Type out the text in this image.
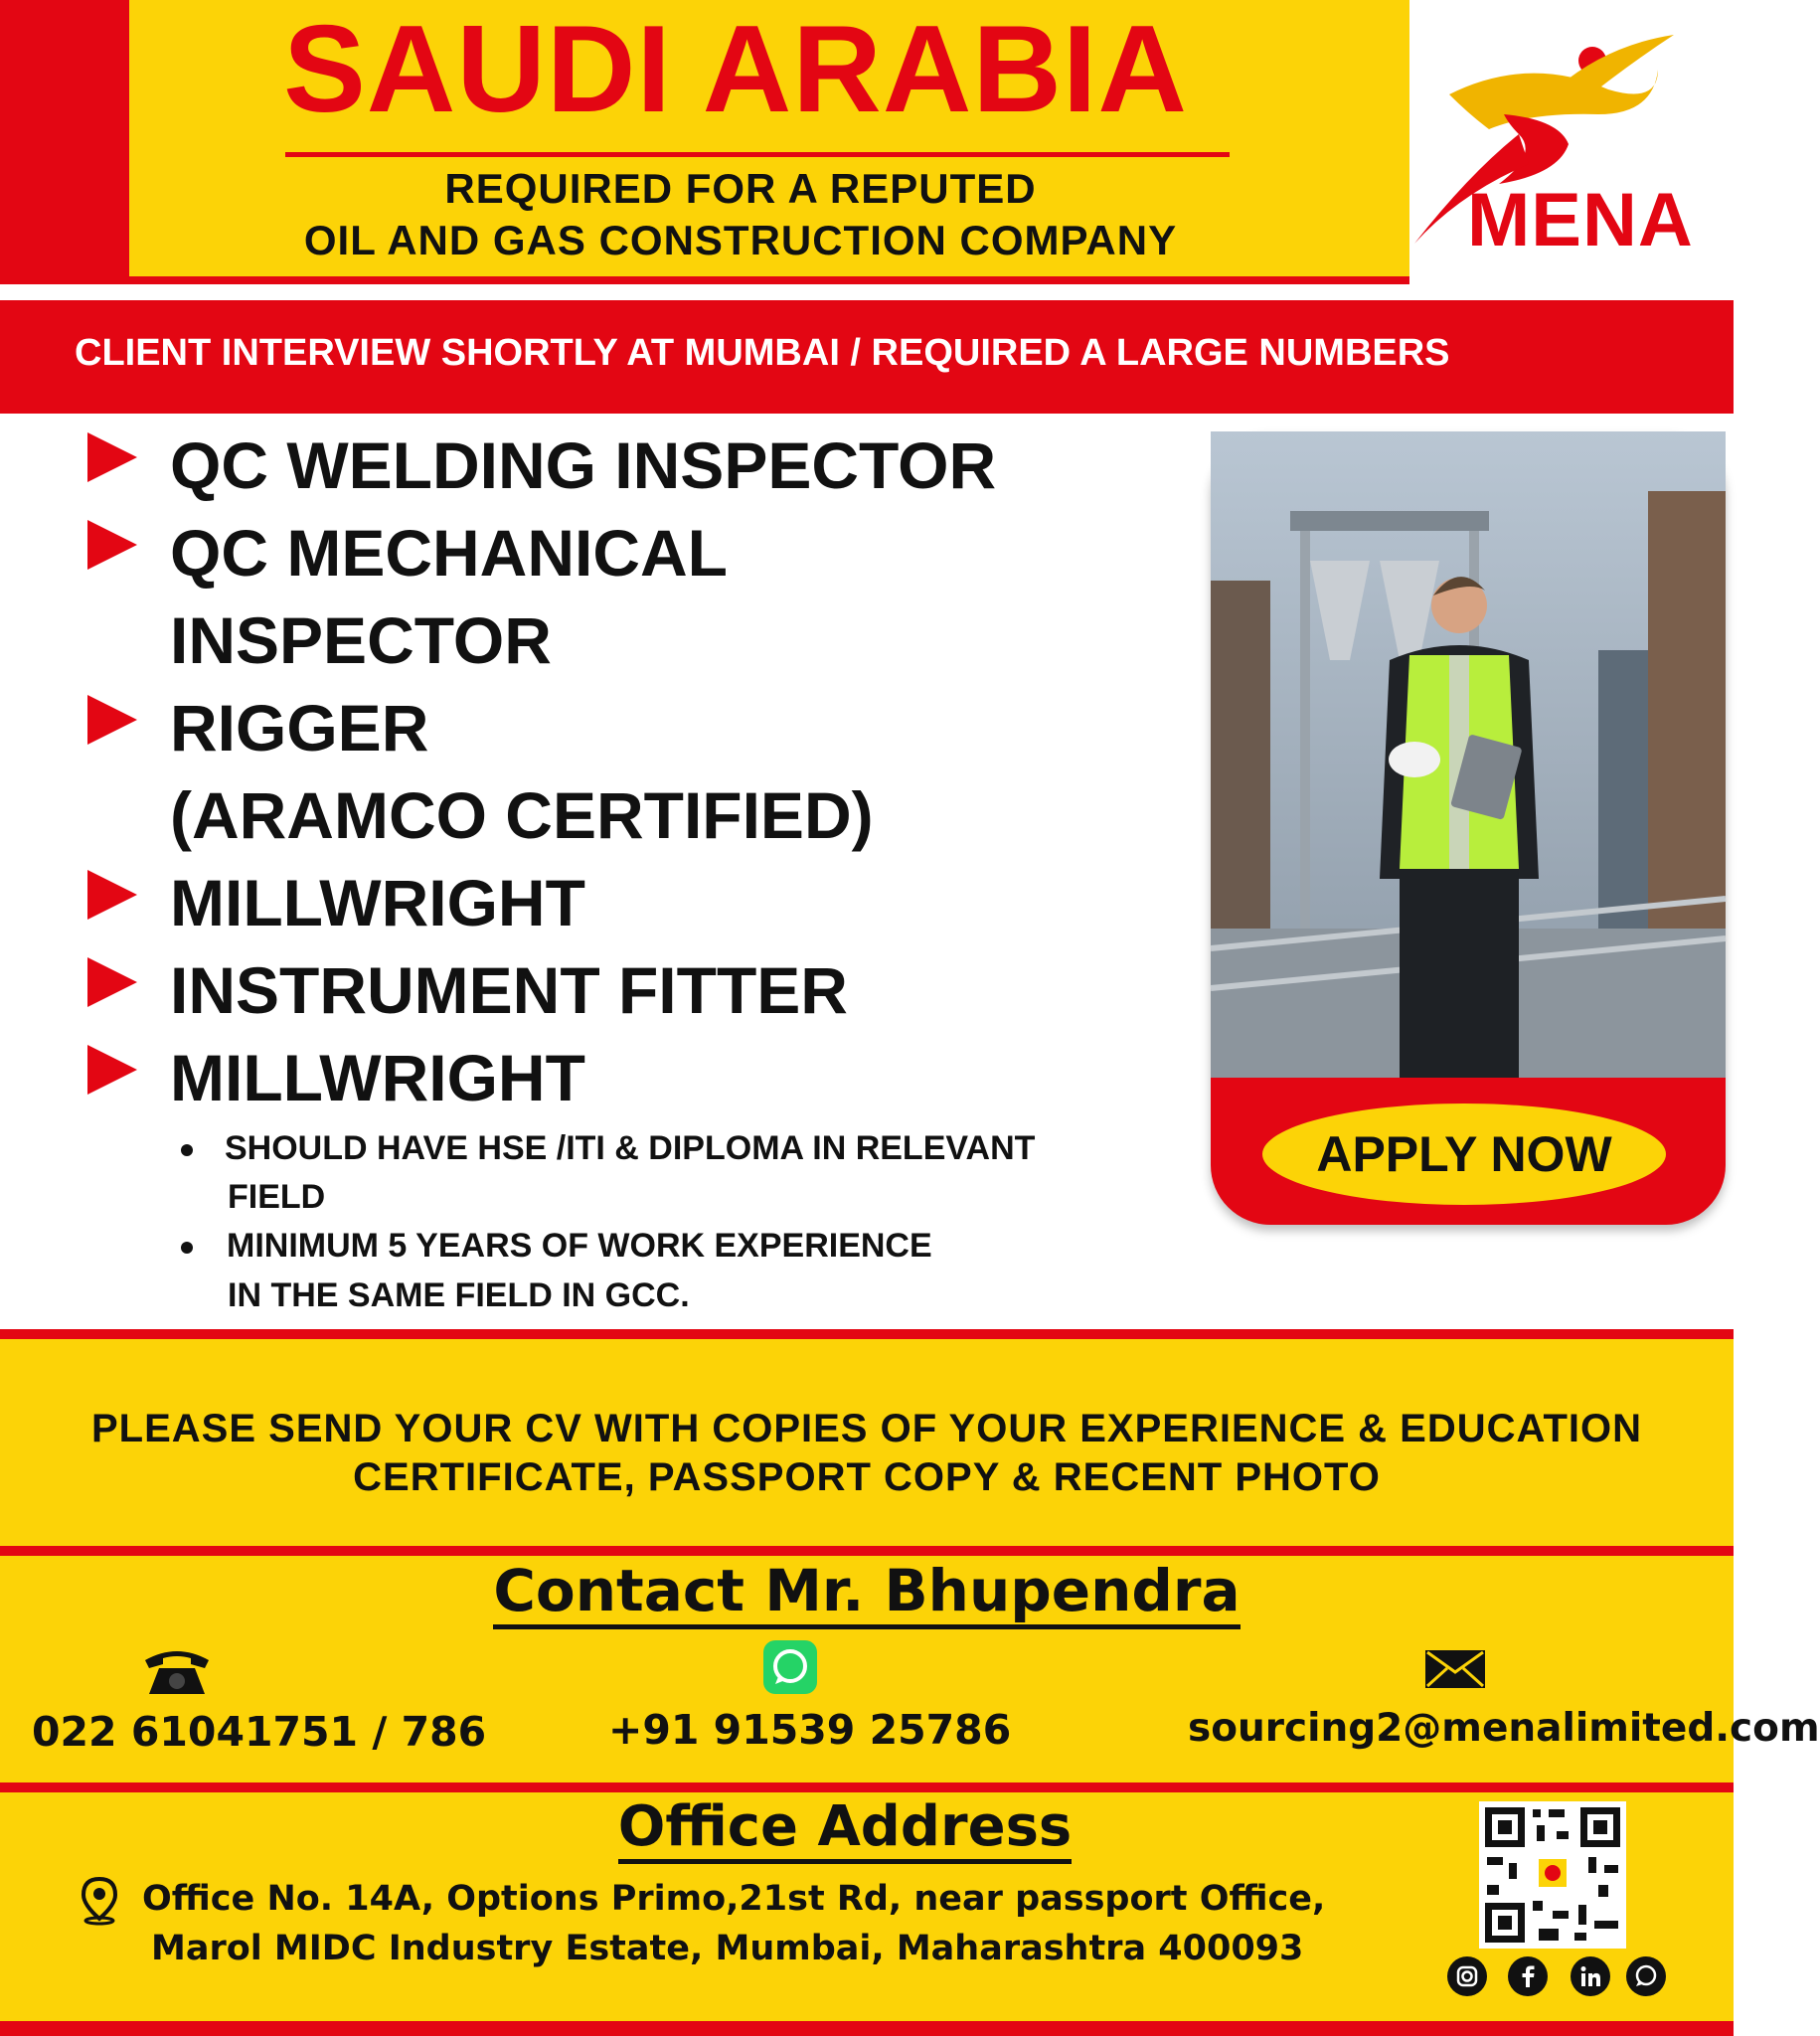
SAUDI ARABIA
REQUIRED FOR A REPUTED
OIL AND GAS CONSTRUCTION COMPANY	MENA
CLIENT INTERVIEW SHORTLY AT MUMBAI / REQUIRED A LARGE NUMBERS
QC WELDING INSPECTOR
QC MECHANICAL
INSPECTOR
RIGGER
(ARAMCO CERTIFIED)
MILLWRIGHT
INSTRUMENT FITTER
MILLWRIGHT
SHOULD HAVE HSE /ITI & DIPLOMA IN RELEVANT
FIELD
MINIMUM 5 YEARS OF WORK EXPERIENCE
IN THE SAME FIELD IN GCC.
APPLY NOW
PLEASE SEND YOUR CV WITH COPIES OF YOUR EXPERIENCE & EDUCATION
CERTIFICATE, PASSPORT COPY & RECENT PHOTO
Contact Mr. Bhupendra
022 61041751 / 786	+91 91539 25786	sourcing2@menalimited.com
Office Address
Office No. 14A, Options Primo,21st Rd, near passport Office,
Marol MIDC Industry Estate, Mumbai, Maharashtra 400093
